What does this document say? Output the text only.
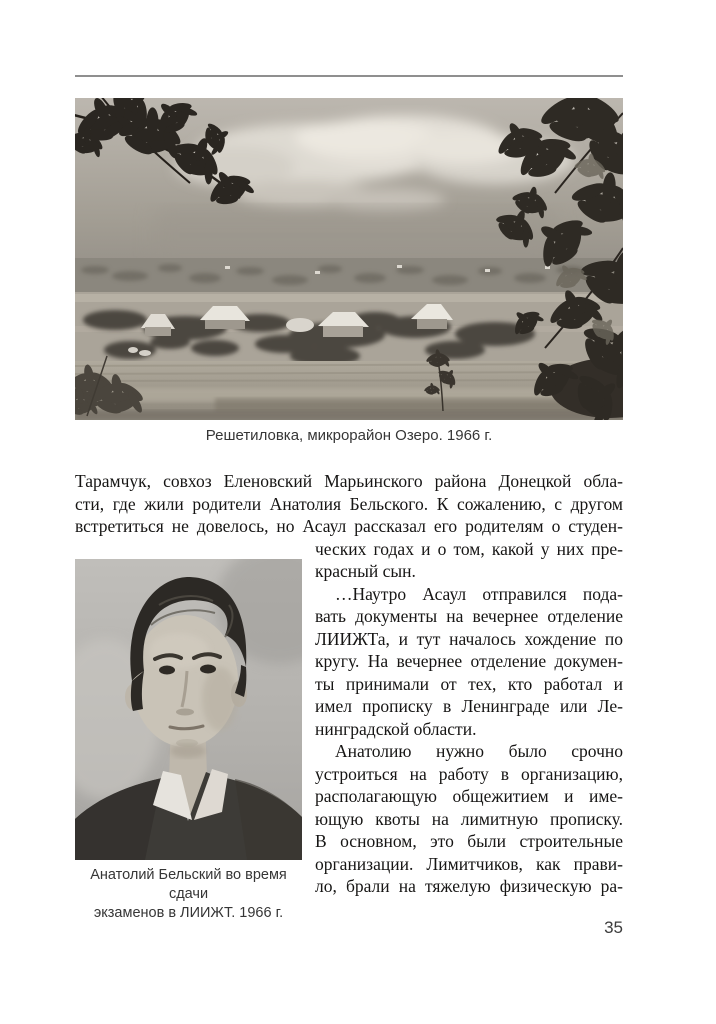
Решетиловка, микрорайон Озеро. 1966 г.
Тарамчук, совхоз Еленовский Марьинского района Донецкой обла-
сти, где жили родители Анатолия Бельского. К сожалению, с другом
встретиться не довелось, но Асаул рассказал его родителям о студен-
Анатолий Бельский во время сдачи
экзаменов в ЛИИЖТ. 1966 г.
ческих годах и о том, какой у них пре-
красный сын.
…Наутро Асаул отправился пода-
вать документы на вечернее отделение
ЛИИЖТа, и тут началось хождение по
кругу. На вечернее отделение докумен-
ты принимали от тех, кто работал и
имел прописку в Ленинграде или Ле-
нинградской области.
Анатолию нужно было срочно
устроиться на работу в организацию,
располагающую общежитием и име-
ющую квоты на лимитную прописку.
В основном, это были строительные
организации. Лимитчиков, как прави-
ло, брали на тяжелую физическую ра-
35
